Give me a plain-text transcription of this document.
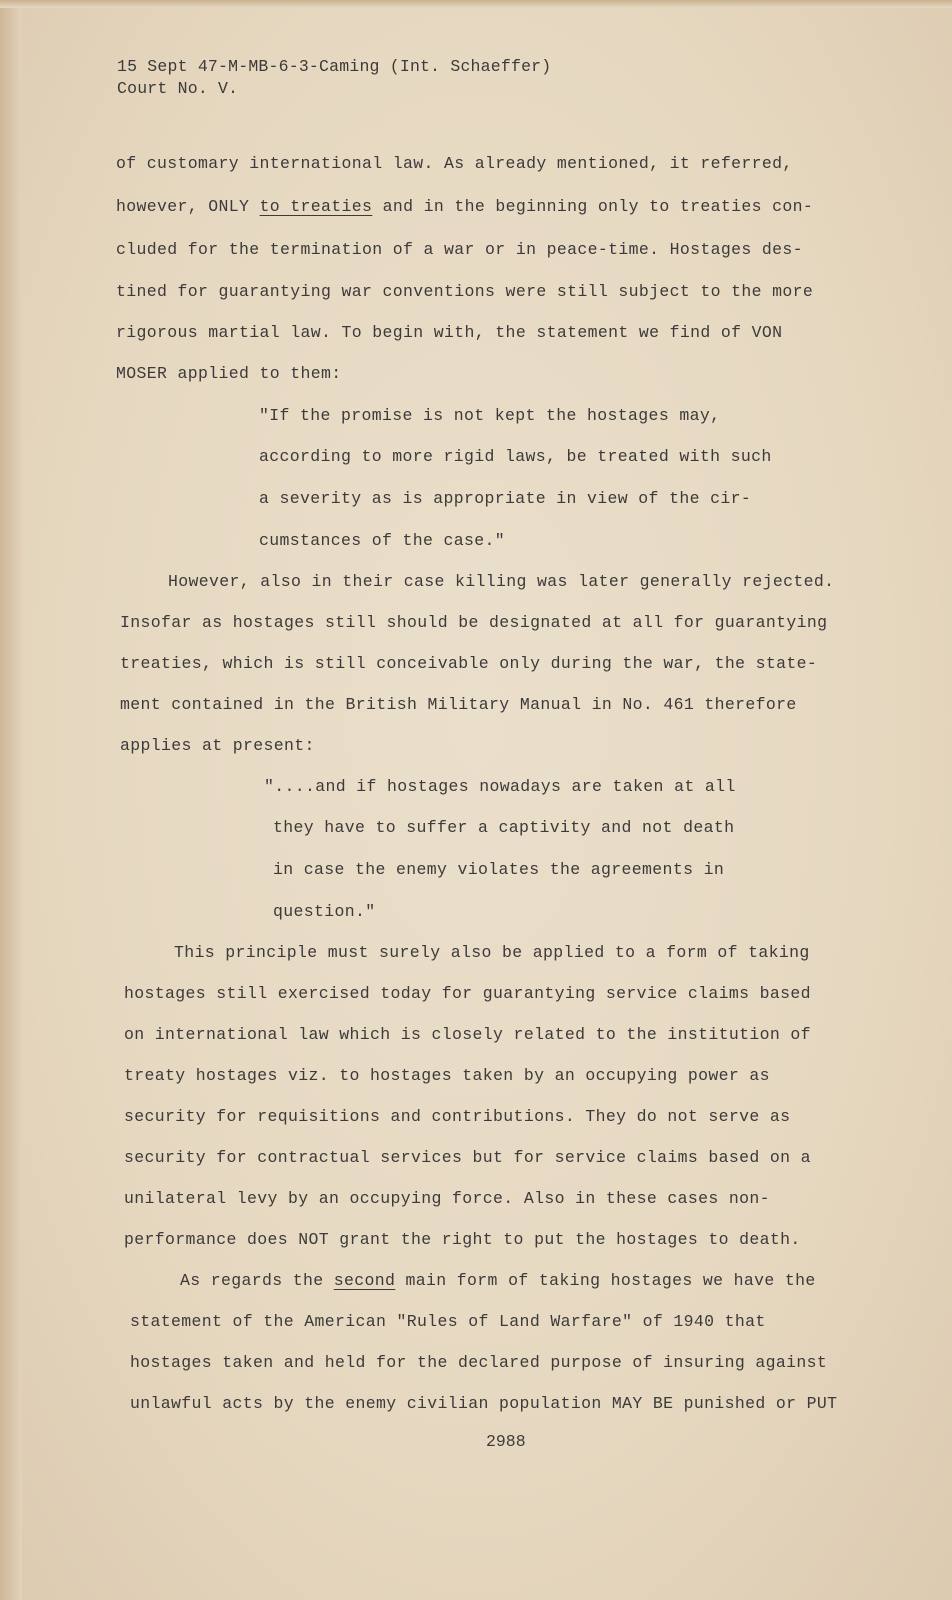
15 Sept 47-M-MB-6-3-Caming (Int. Schaeffer)
Court No. V.
of customary international law. As already mentioned, it referred,
however, ONLY to treaties and in the beginning only to treaties con-
cluded for the termination of a war or in peace-time. Hostages des-
tined for guarantying war conventions were still subject to the more
rigorous martial law. To begin with, the statement we find of VON
MOSER applied to them:
"If the promise is not kept the hostages may,
according to more rigid laws, be treated with such
a severity as is appropriate in view of the cir-
cumstances of the case."
However, also in their case killing was later generally rejected.
Insofar as hostages still should be designated at all for guarantying
treaties, which is still conceivable only during the war, the state-
ment contained in the British Military Manual in No. 461 therefore
applies at present:
"....and if hostages nowadays are taken at all
they have to suffer a captivity and not death
in case the enemy violates the agreements in
question."
This principle must surely also be applied to a form of taking
hostages still exercised today for guarantying service claims based
on international law which is closely related to the institution of
treaty hostages viz. to hostages taken by an occupying power as
security for requisitions and contributions. They do not serve as
security for contractual services but for service claims based on a
unilateral levy by an occupying force. Also in these cases non-
performance does NOT grant the right to put the hostages to death.
As regards the second main form of taking hostages we have the
statement of the American "Rules of Land Warfare" of 1940 that
hostages taken and held for the declared purpose of insuring against
unlawful acts by the enemy civilian population MAY BE punished or PUT
2988
